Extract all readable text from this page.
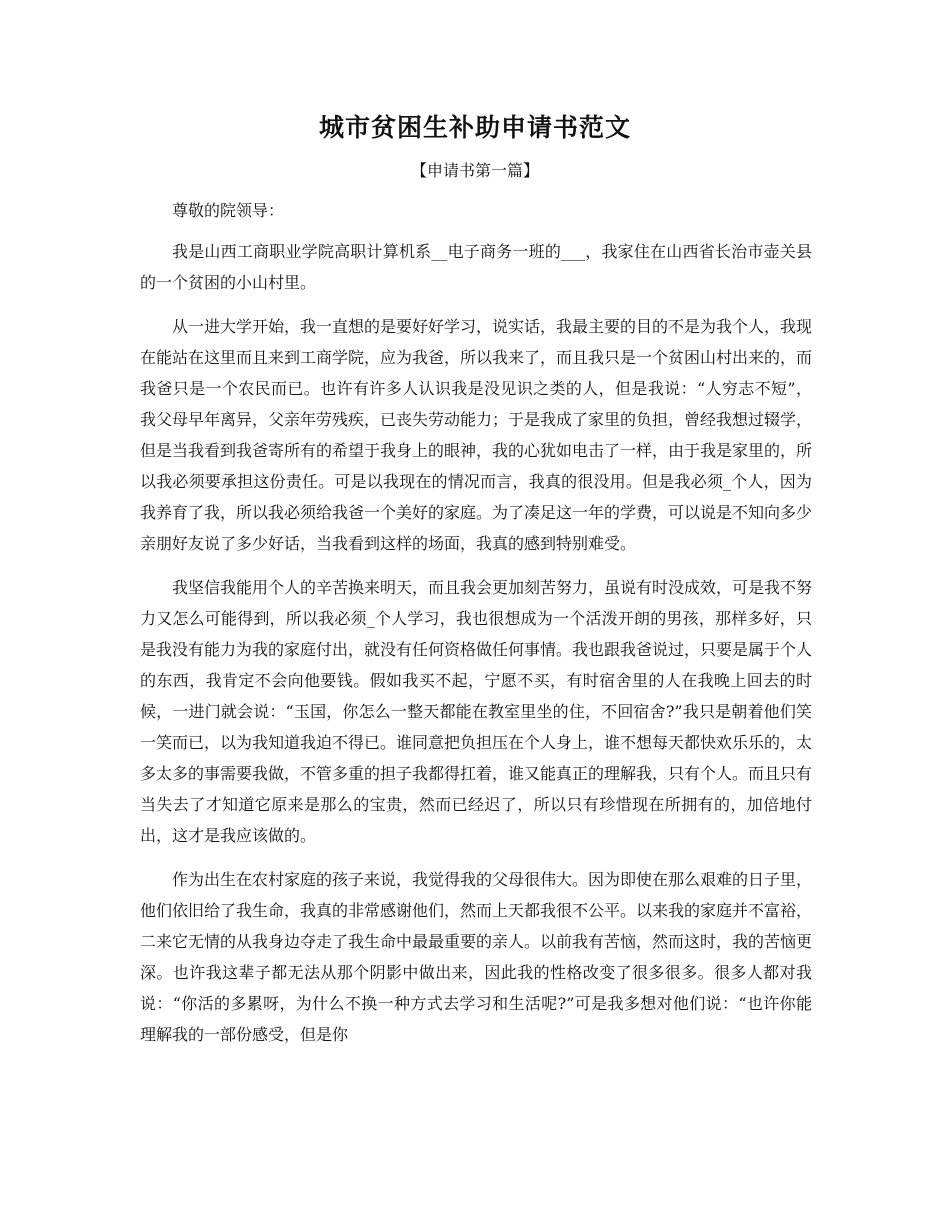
城市贫困生补助申请书范文
【申请书第一篇】

尊敬的院领导：

我是山西工商职业学院高职计算机系__电子商务一班的___，我家住在山西省长治市壶关县的一个贫困的小山村里。

从一进大学开始，我一直想的是要好好学习，说实话，我最主要的目的不是为我个人，我现在能站在这里而且来到工商学院，应为我爸，所以我来了，而且我只是一个贫困山村出来的，而我爸只是一个农民而已。也许有许多人认识我是没见识之类的人，但是我说：“人穷志不短”，我父母早年离异，父亲年劳残疾，已丧失劳动能力；于是我成了家里的负担，曾经我想过辍学，但是当我看到我爸寄所有的希望于我身上的眼神，我的心犹如电击了一样，由于我是家里的，所以我必须要承担这份责任。可是以我现在的情况而言，我真的很没用。但是我必须_个人，因为我养育了我，所以我必须给我爸一个美好的家庭。为了凑足这一年的学费，可以说是不知向多少亲朋好友说了多少好话，当我看到这样的场面，我真的感到特别难受。

我坚信我能用个人的辛苦换来明天，而且我会更加刻苦努力，虽说有时没成效，可是我不努力又怎么可能得到，所以我必须_个人学习，我也很想成为一个活泼开朗的男孩，那样多好，只是我没有能力为我的家庭付出，就没有任何资格做任何事情。我也跟我爸说过，只要是属于个人的东西，我肯定不会向他要钱。假如我买不起，宁愿不买，有时宿舍里的人在我晚上回去的时候，一进门就会说：“玉国，你怎么一整天都能在教室里坐的住，不回宿舍?”我只是朝着他们笑一笑而已，以为我知道我迫不得已。谁同意把负担压在个人身上，谁不想每天都快欢乐乐的，太多太多的事需要我做，不管多重的担子我都得扛着，谁又能真正的理解我，只有个人。而且只有当失去了才知道它原来是那么的宝贵，然而已经迟了，所以只有珍惜现在所拥有的，加倍地付出，这才是我应该做的。

作为出生在农村家庭的孩子来说，我觉得我的父母很伟大。因为即使在那么艰难的日子里，他们依旧给了我生命，我真的非常感谢他们，然而上天都我很不公平。以来我的家庭并不富裕，二来它无情的从我身边夺走了我生命中最最重要的亲人。以前我有苦恼，然而这时，我的苦恼更深。也许我这辈子都无法从那个阴影中做出来，因此我的性格改变了很多很多。很多人都对我说：“你活的多累呀，为什么不换一种方式去学习和生活呢?”可是我多想对他们说：“也许你能理解我的一部份感受，但是你
